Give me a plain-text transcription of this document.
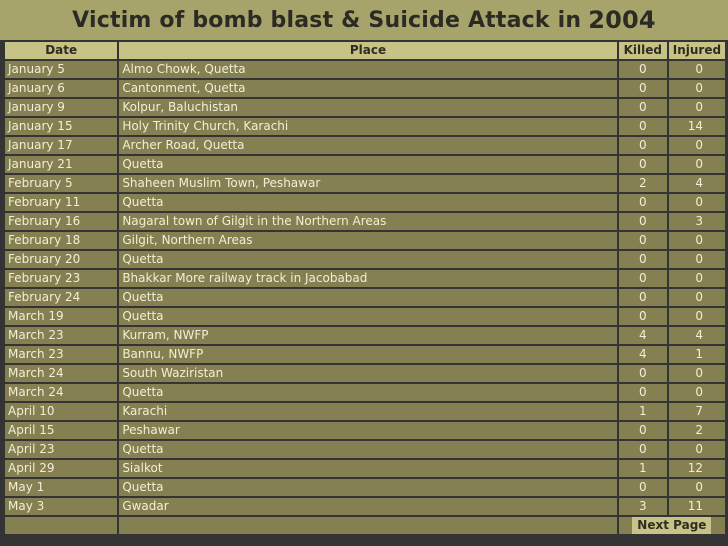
Victim of bomb blast & Suicide Attack in 2004
Date	Place	Killed	Injured
January 5	Almo Chowk, Quetta	0	0
January 6	Cantonment, Quetta	0	0
January 9	Kolpur, Baluchistan	0	0
January 15	Holy Trinity Church, Karachi	0	14
January 17	Archer Road, Quetta	0	0
January 21	Quetta	0	0
February 5	Shaheen Muslim Town, Peshawar	2	4
February 11	Quetta	0	0
February 16	Nagaral town of Gilgit in the Northern Areas	0	3
February 18	Gilgit, Northern Areas	0	0
February 20	Quetta	0	0
February 23	Bhakkar More railway track in Jacobabad	0	0
February 24	Quetta	0	0
March 19	Quetta	0	0
March 23	Kurram, NWFP	4	4
March 23	Bannu, NWFP	4	1
March 24	South Waziristan	0	0
March 24	Quetta	0	0
April 10	Karachi	1	7
April 15	Peshawar	0	2
April 23	Quetta	0	0
April 29	Sialkot	1	12
May 1	Quetta	0	0
May 3	Gwadar	3	11
		Next Page	
